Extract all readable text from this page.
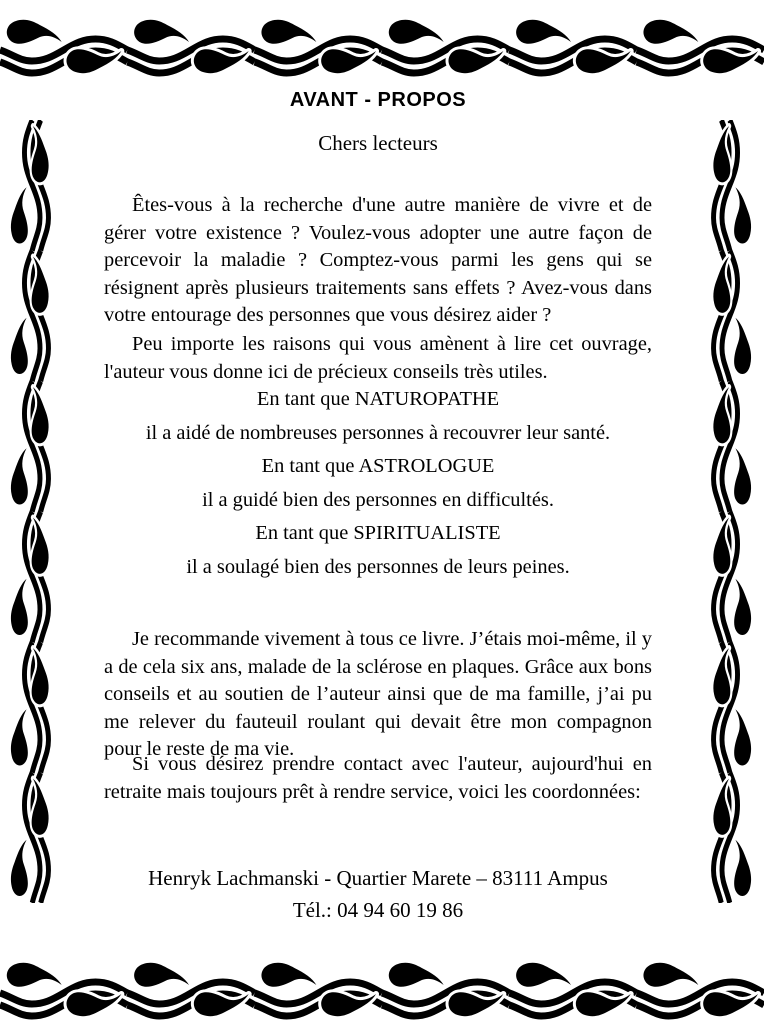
AVANT - PROPOS
Chers lecteurs
Êtes-vous à la recherche d'une autre manière de vivre et de gérer votre existence ? Voulez-vous adopter une autre façon de percevoir la maladie ? Comptez-vous parmi les gens qui se résignent après plusieurs traitements sans effets ? Avez-vous dans votre entourage des personnes que vous désirez aider ?
Peu importe les raisons qui vous amènent à lire cet ouvrage, l'auteur vous donne ici de précieux conseils très utiles.
En tant que NATUROPATHE
il a aidé de nombreuses personnes à recouvrer leur santé.
En tant que ASTROLOGUE
il a guidé bien des personnes en difficultés.
En tant que SPIRITUALISTE
il a soulagé bien des personnes de leurs peines.
Je recommande vivement à tous ce livre. J’étais moi-même, il y a de cela six ans, malade de la sclérose en plaques. Grâce aux bons conseils et au soutien de l’auteur ainsi que de ma famille, j’ai pu me relever du fauteuil roulant qui devait être mon compagnon pour le reste de ma vie.
Si vous désirez prendre contact avec l'auteur, aujourd'hui en retraite mais toujours prêt à rendre service, voici les coordonnées:
Henryk Lachmanski - Quartier Marete – 83111 Ampus
Tél.: 04 94 60 19 86
